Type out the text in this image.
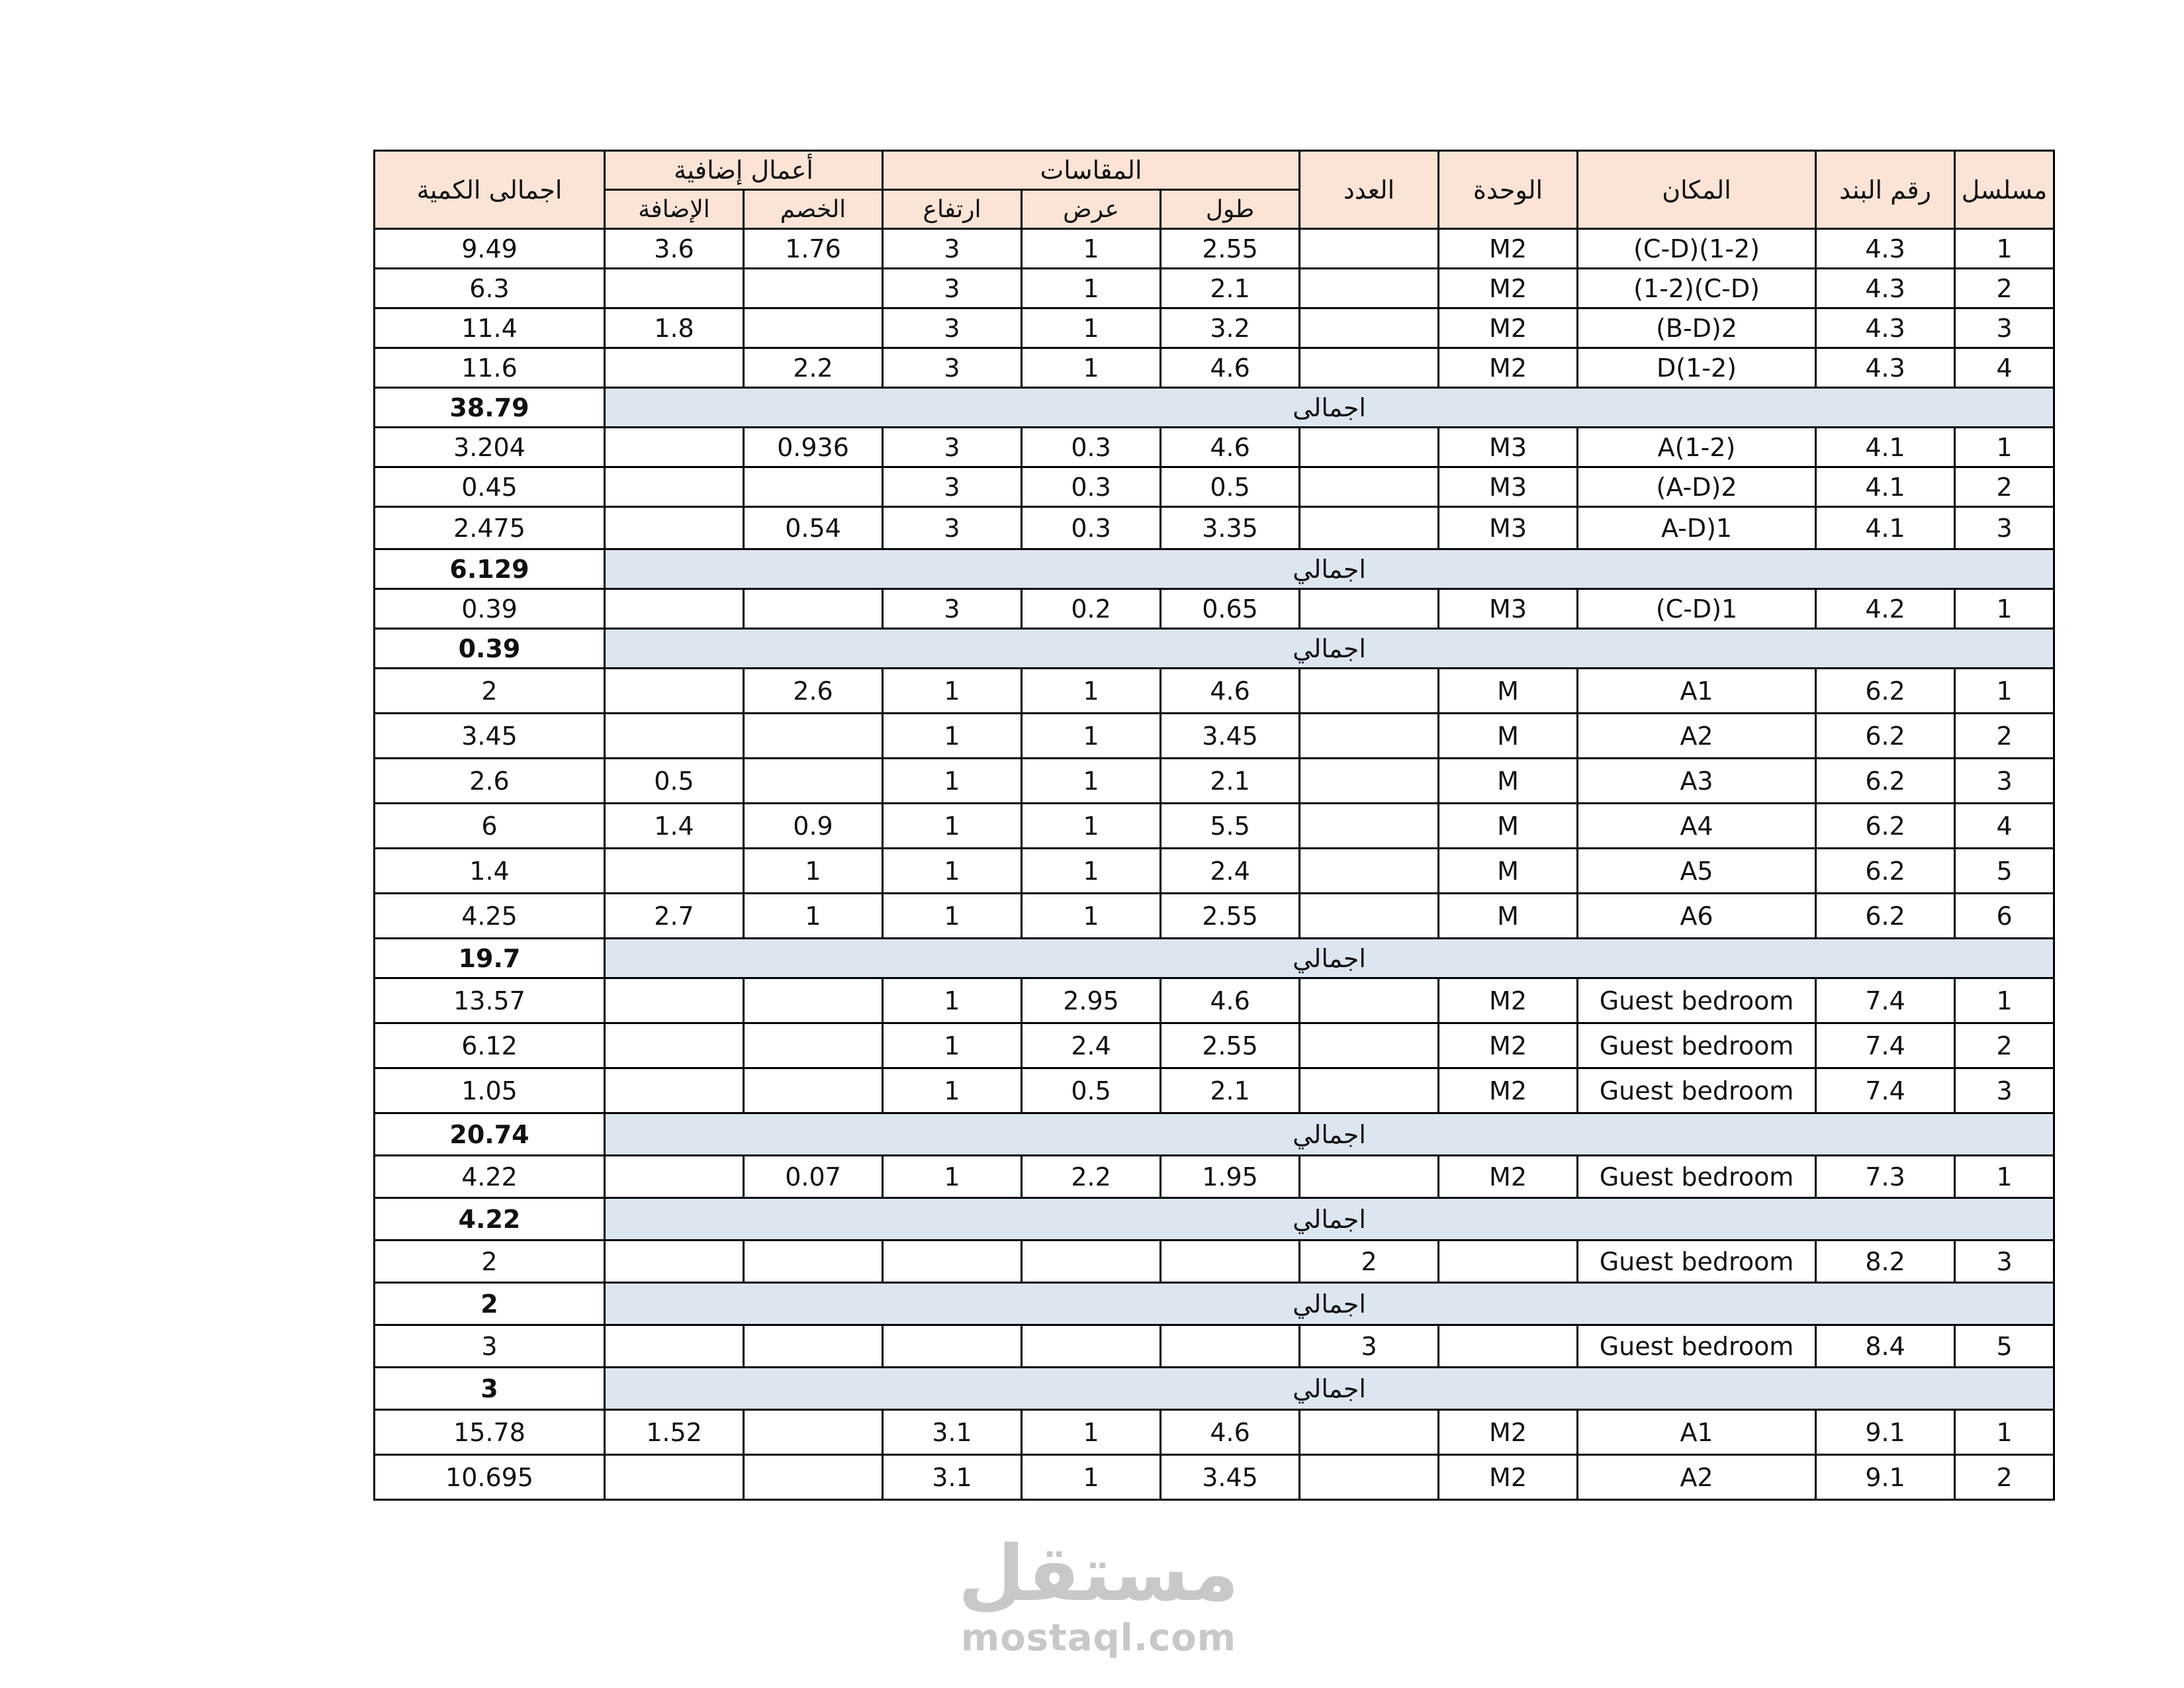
مسلسل	رقم البند	المكان	الوحدة	العدد	المقاسات			أعمال إضافية		اجمالى الكمية
					طول	عرض	ارتفاع	الخصم	الإضافة	
1	4.3	(1-2)(C-D)	M2		2.55	1	3	1.76	3.6	9.49
2	4.3	(C-D)(1-2)	M2		2.1	1	3			6.3
3	4.3	2(B-D)	M2		3.2	1	3		1.8	11.4
4	4.3	D(1-2)	M2		4.6	1	3	2.2		11.6
اجمالى										38.79
1	4.1	A(1-2)	M3		4.6	0.3	3	0.936		3.204
2	4.1	2(A-D)	M3		0.5	0.3	3			0.45
3	4.1	1(A-D	M3		3.35	0.3	3	0.54		2.475
اجمالي										6.129
1	4.2	1(C-D)	M3		0.65	0.2	3			0.39
اجمالي										0.39
1	6.2	A1	M		4.6	1	1	2.6		2
2	6.2	A2	M		3.45	1	1			3.45
3	6.2	A3	M		2.1	1	1		0.5	2.6
4	6.2	A4	M		5.5	1	1	0.9	1.4	6
5	6.2	A5	M		2.4	1	1	1		1.4
6	6.2	A6	M		2.55	1	1	1	2.7	4.25
اجمالي										19.7
1	7.4	Guest bedroom	M2		4.6	2.95	1			13.57
2	7.4	Guest bedroom	M2		2.55	2.4	1			6.12
3	7.4	Guest bedroom	M2		2.1	0.5	1			1.05
اجمالي										20.74
1	7.3	Guest bedroom	M2		1.95	2.2	1	0.07		4.22
اجمالي										4.22
3	8.2	Guest bedroom		2						2
اجمالي										2
5	8.4	Guest bedroom		3						3
اجمالي										3
1	9.1	A1	M2		4.6	1	3.1		1.52	15.78
2	9.1	A2	M2		3.45	1	3.1			10.695
مستقل
mostaql.com
